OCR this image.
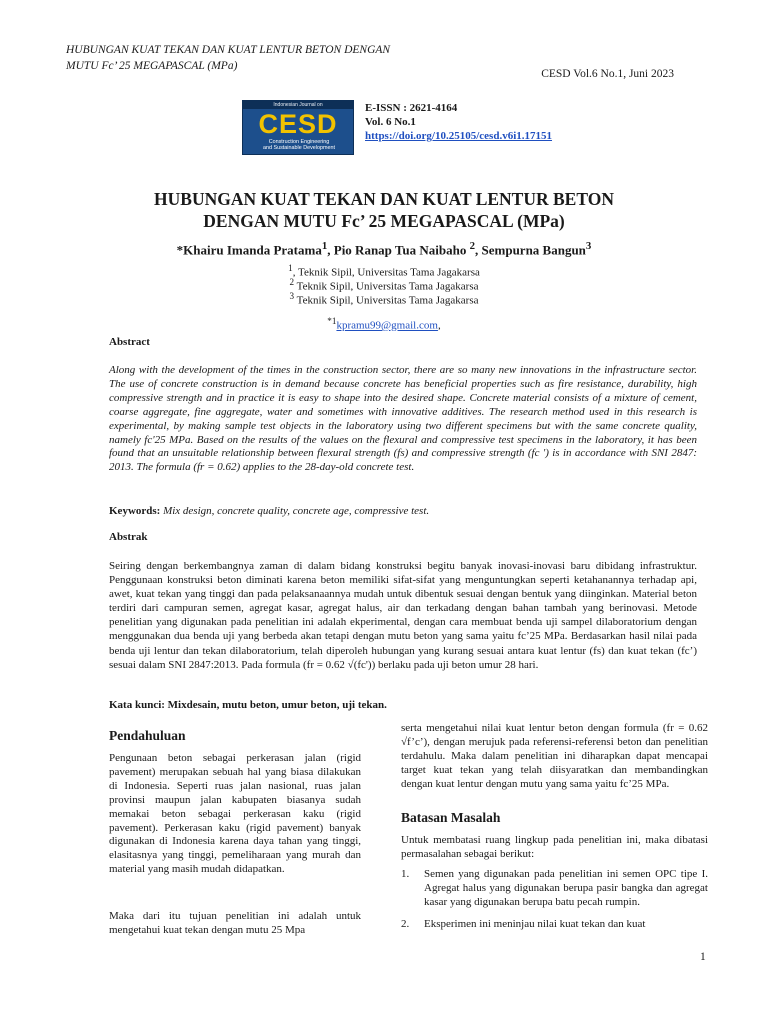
HUBUNGAN KUAT TEKAN DAN KUAT LENTUR BETON DENGAN
MUTU Fc’ 25 MEGAPASCAL (MPa)
CESD Vol.6 No.1, Juni 2023
Indonesian Journal on
CESD
Construction Engineering
and Sustainable Development
E-ISSN : 2621-4164
Vol. 6 No.1
https://doi.org/10.25105/cesd.v6i1.17151
HUBUNGAN KUAT TEKAN DAN KUAT LENTUR BETON
DENGAN MUTU Fc’ 25 MEGAPASCAL (MPa)
*Khairu Imanda Pratama$^1$, Pio Ranap Tua Naibaho $^2$, Sempurna Bangun$^3$
$^1$, Teknik Sipil, Universitas Tama Jagakarsa
$^2$ Teknik Sipil, Universitas Tama Jagakarsa
$^3$ Teknik Sipil, Universitas Tama Jagakarsa
$^{*1}$kpramu99@gmail.com,
Abstract
Along with the development of the times in the construction sector, there are so many new innovations in the infrastructure sector. The use of concrete construction is in demand because concrete has beneficial properties such as fire resistance, durability, high compressive strength and in practice it is easy to shape into the desired shape. Concrete material consists of a mixture of cement, coarse aggregate, fine aggregate, water and sometimes with innovative additives. The research method used in this research is experimental, by making sample test objects in the laboratory using two different specimens but with the same concrete quality, namely fc'25 MPa. Based on the results of the values on the flexural and compressive test specimens in the laboratory, it has been found that an unsuitable relationship between flexural strength (fs) and compressive strength (fc ') is in accordance with SNI 2847: 2013. The formula (fr = 0.62) applies to the 28-day-old concrete test.
Keywords: Mix design, concrete quality, concrete age, compressive test.
Abstrak
Seiring dengan berkembangnya zaman di dalam bidang konstruksi begitu banyak inovasi-inovasi baru dibidang infrastruktur. Penggunaan konstruksi beton diminati karena beton memiliki sifat-sifat yang menguntungkan seperti ketahanannya terhadap api, awet, kuat tekan yang tinggi dan pada pelaksanaannya mudah untuk dibentuk sesuai dengan bentuk yang diinginkan. Material beton terdiri dari campuran semen, agregat kasar, agregat halus, air dan terkadang dengan bahan tambah yang berinovasi. Metode penelitian yang digunakan pada penelitian ini adalah ekperimental, dengan cara membuat benda uji sampel dilaboratorium dengan menggunakan dua benda uji yang berbeda akan tetapi dengan mutu beton yang sama yaitu fc’25 MPa. Berdasarkan hasil nilai pada benda uji lentur dan tekan dilaboratorium, telah diperoleh hubungan yang kurang sesuai antara kuat lentur (fs) dan kuat tekan (fc’) sesuai dalam SNI 2847:2013. Pada formula (fr = 0.62 √(fc')) berlaku pada uji beton umur 28 hari.
Kata kunci: Mixdesain, mutu beton, umur beton, uji tekan.
Pendahuluan
Pengunaan beton sebagai perkerasan jalan (rigid pavement) merupakan sebuah hal yang biasa dilakukan di Indonesia. Seperti ruas jalan nasional, ruas jalan provinsi maupun jalan kabupaten biasanya sudah memakai beton sebagai perkerasan kaku (rigid pavement). Perkerasan kaku (rigid pavement) banyak digunakan di Indonesia karena daya tahan yang tinggi, elasitasnya yang tinggi, pemeliharaan yang murah dan material yang masih mudah didapatkan.
Maka dari itu tujuan penelitian ini adalah untuk mengetahui kuat tekan dengan mutu 25 Mpa
serta mengetahui nilai kuat lentur beton dengan formula (fr = 0.62 √f’c’), dengan merujuk pada referensi-referensi beton dan penelitian terdahulu. Maka dalam penelitian ini diharapkan dapat mencapai target kuat tekan yang telah diisyaratkan dan membandingkan dengan kuat lentur dengan mutu yang sama yaitu fc’25 MPa.
Batasan Masalah
Untuk membatasi ruang lingkup pada penelitian ini, maka dibatasi permasalahan sebagai berikut:
1.	Semen yang digunakan pada penelitian ini semen OPC tipe I. Agregat halus yang digunakan berupa pasir bangka dan agregat kasar yang digunakan berupa batu pecah rumpin.
2.	Eksperimen ini meninjau nilai kuat tekan dan kuat
1
